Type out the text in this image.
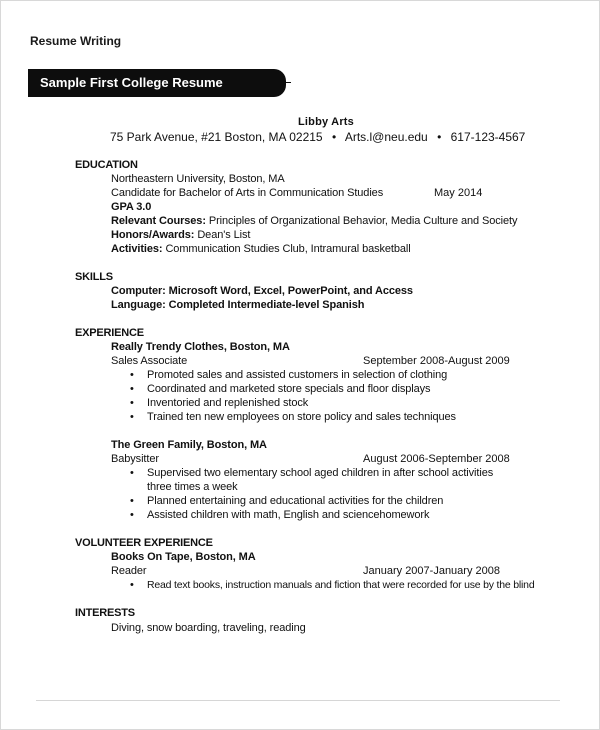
Resume Writing
Sample First College Resume
Libby Arts
75 Park Avenue, #21 Boston, MA 02215 • Arts.l@neu.edu • 617-123-4567
EDUCATION
Northeastern University, Boston, MA
Candidate for Bachelor of Arts in Communication Studies	May 2014
GPA 3.0
Relevant Courses: Principles of Organizational Behavior, Media Culture and Society
Honors/Awards: Dean's List
Activities: Communication Studies Club, Intramural basketball
SKILLS
Computer: Microsoft Word, Excel, PowerPoint, and Access
Language: Completed Intermediate-level Spanish
EXPERIENCE
Really Trendy Clothes, Boston, MA
Sales Associate	September 2008-August 2009
• Promoted sales and assisted customers in selection of clothing
• Coordinated and marketed store specials and floor displays
• Inventoried and replenished stock
• Trained ten new employees on store policy and sales techniques
The Green Family, Boston, MA
Babysitter	August 2006-September 2008
• Supervised two elementary school aged children in after school activities
three times a week
• Planned entertaining and educational activities for the children
• Assisted children with math, English and sciencehomework
VOLUNTEER EXPERIENCE
Books On Tape, Boston, MA
Reader	January 2007-January 2008
• Read text books, instruction manuals and fiction that were recorded for use by the blind
INTERESTS
Diving, snow boarding, traveling, reading
